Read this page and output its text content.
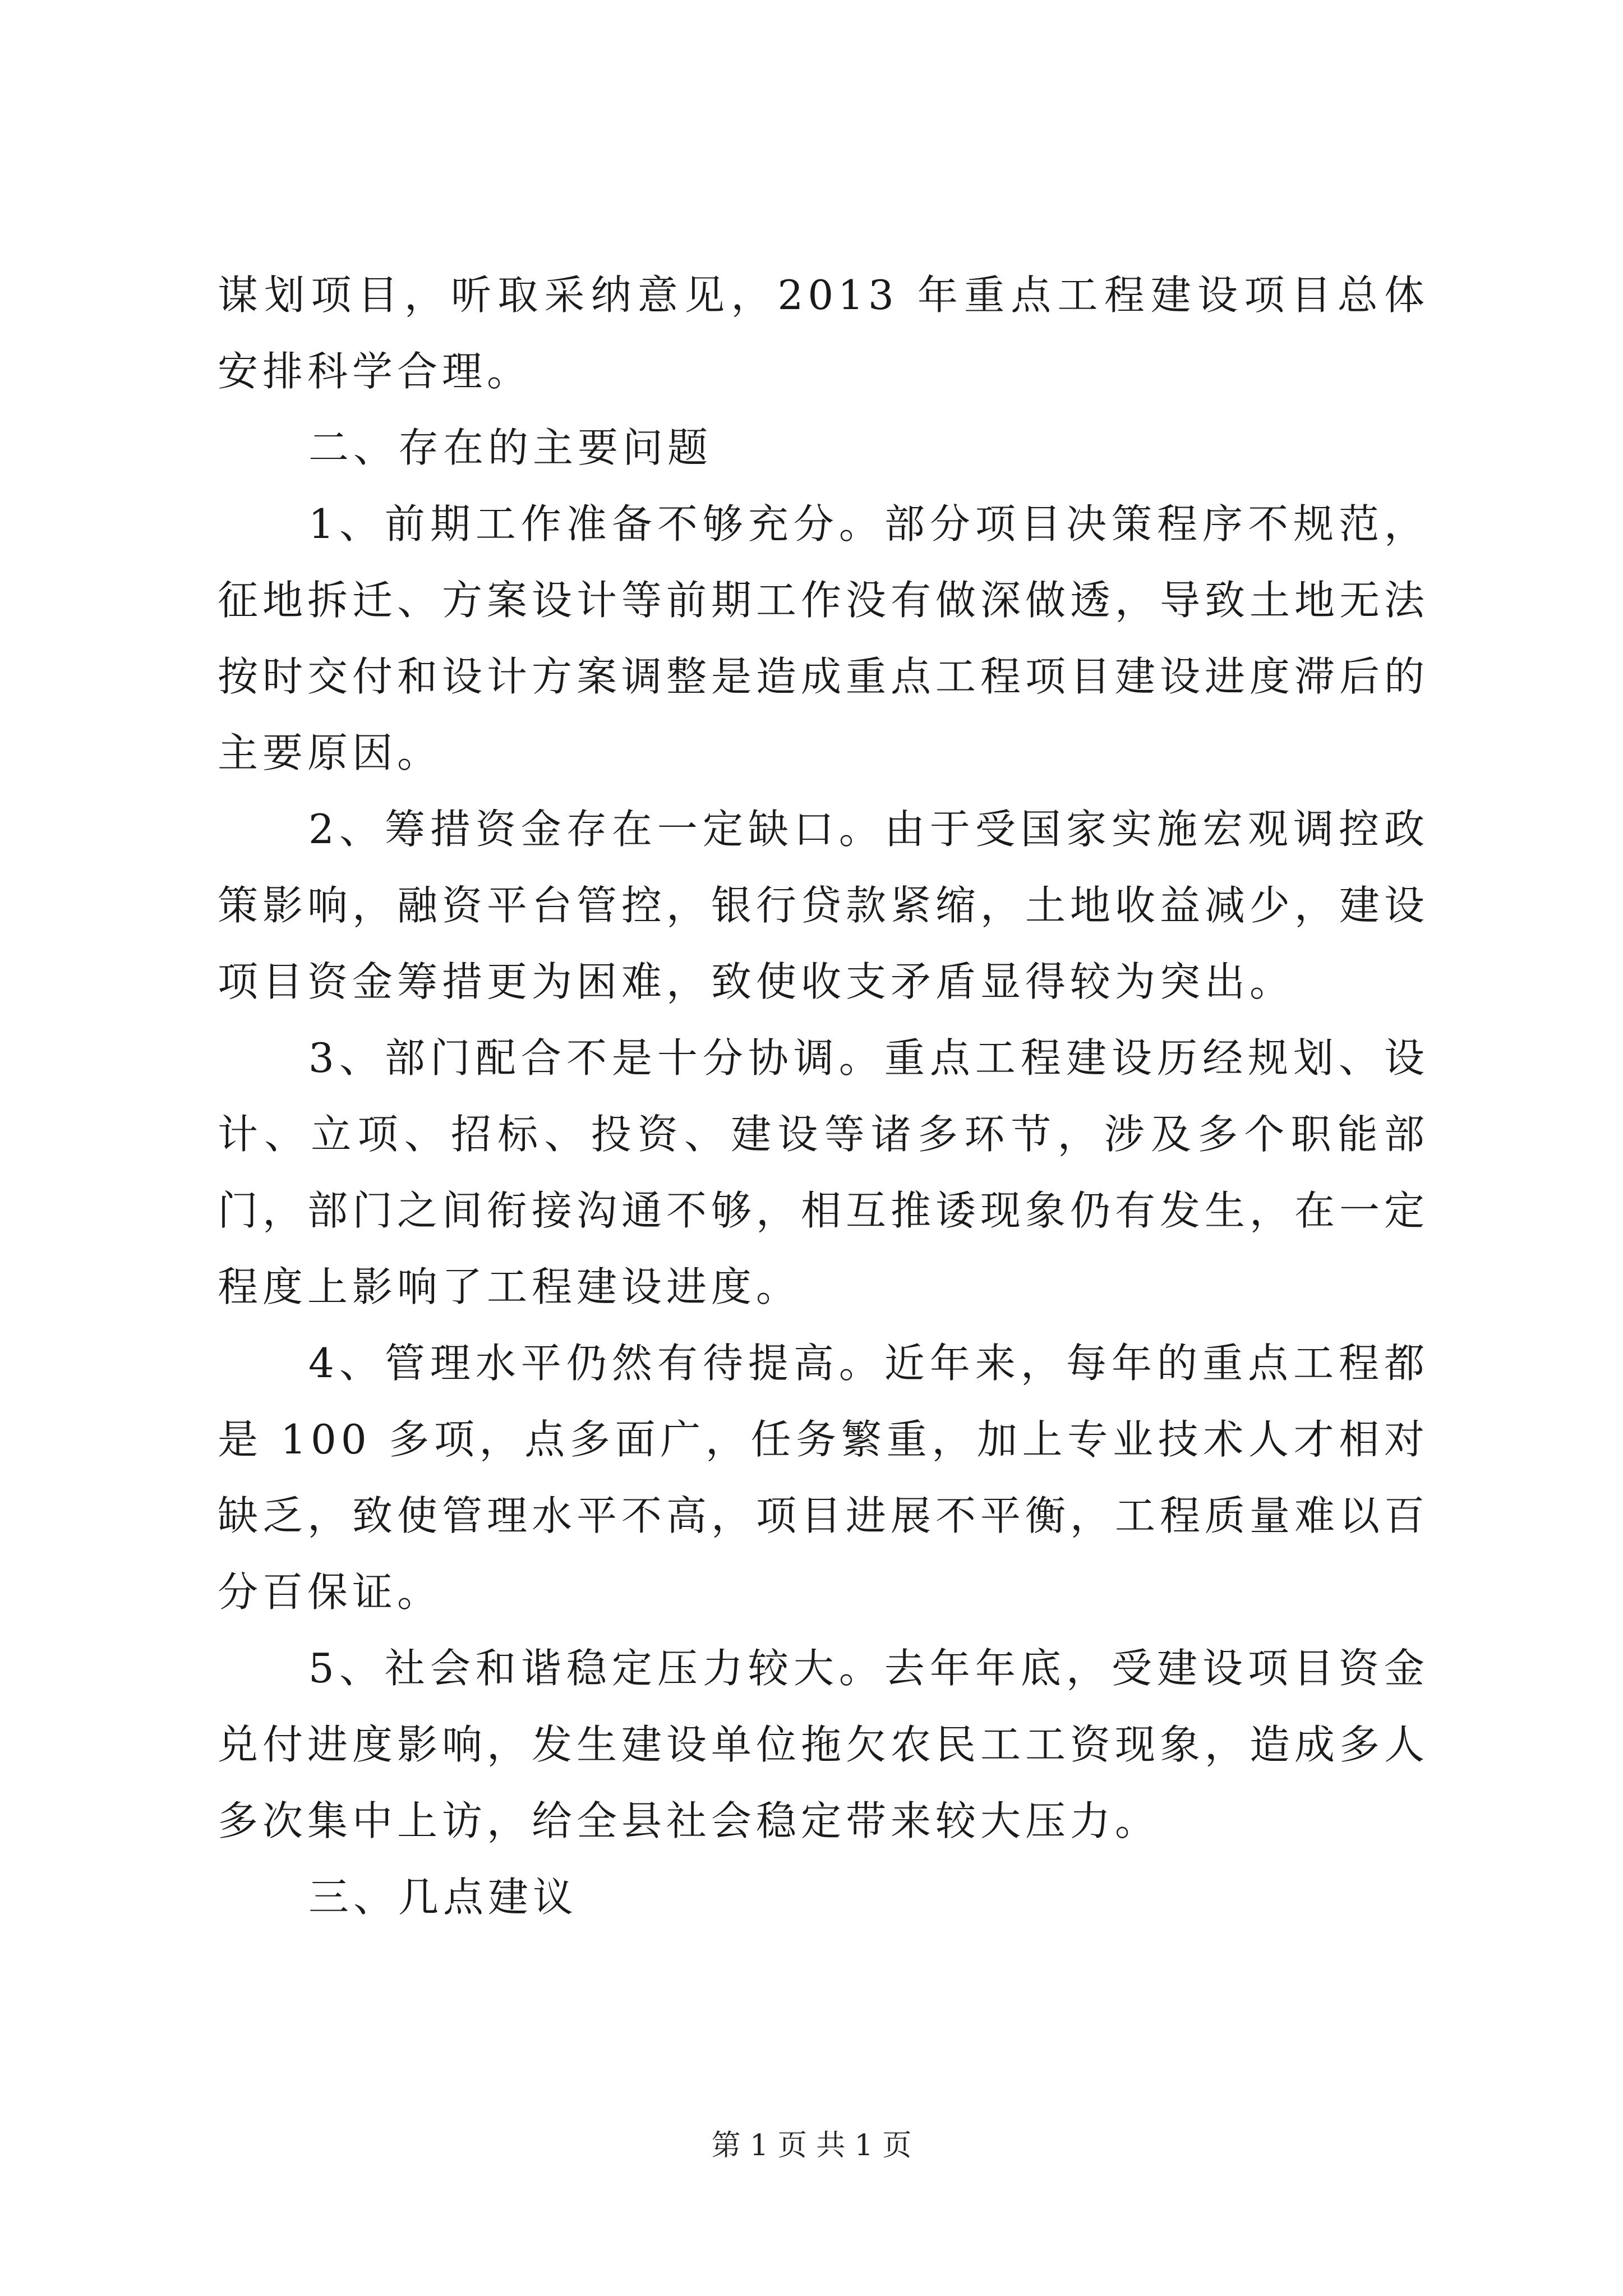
谋划项目，听取采纳意见，2013 年重点工程建设项目总体安排科学合理。

二、存在的主要问题

1、前期工作准备不够充分。部分项目决策程序不规范，征地拆迁、方案设计等前期工作没有做深做透，导致土地无法按时交付和设计方案调整是造成重点工程项目建设进度滞后的主要原因。

2、筹措资金存在一定缺口。由于受国家实施宏观调控政策影响，融资平台管控，银行贷款紧缩，土地收益减少，建设项目资金筹措更为困难，致使收支矛盾显得较为突出。

3、部门配合不是十分协调。重点工程建设历经规划、设计、立项、招标、投资、建设等诸多环节，涉及多个职能部门，部门之间衔接沟通不够，相互推诿现象仍有发生，在一定程度上影响了工程建设进度。

4、管理水平仍然有待提高。近年来，每年的重点工程都是 100 多项，点多面广，任务繁重，加上专业技术人才相对缺乏，致使管理水平不高，项目进展不平衡，工程质量难以百分百保证。

5、社会和谐稳定压力较大。去年年底，受建设项目资金兑付进度影响，发生建设单位拖欠农民工工资现象，造成多人多次集中上访，给全县社会稳定带来较大压力。

三、几点建议

第 1 页 共 1 页
